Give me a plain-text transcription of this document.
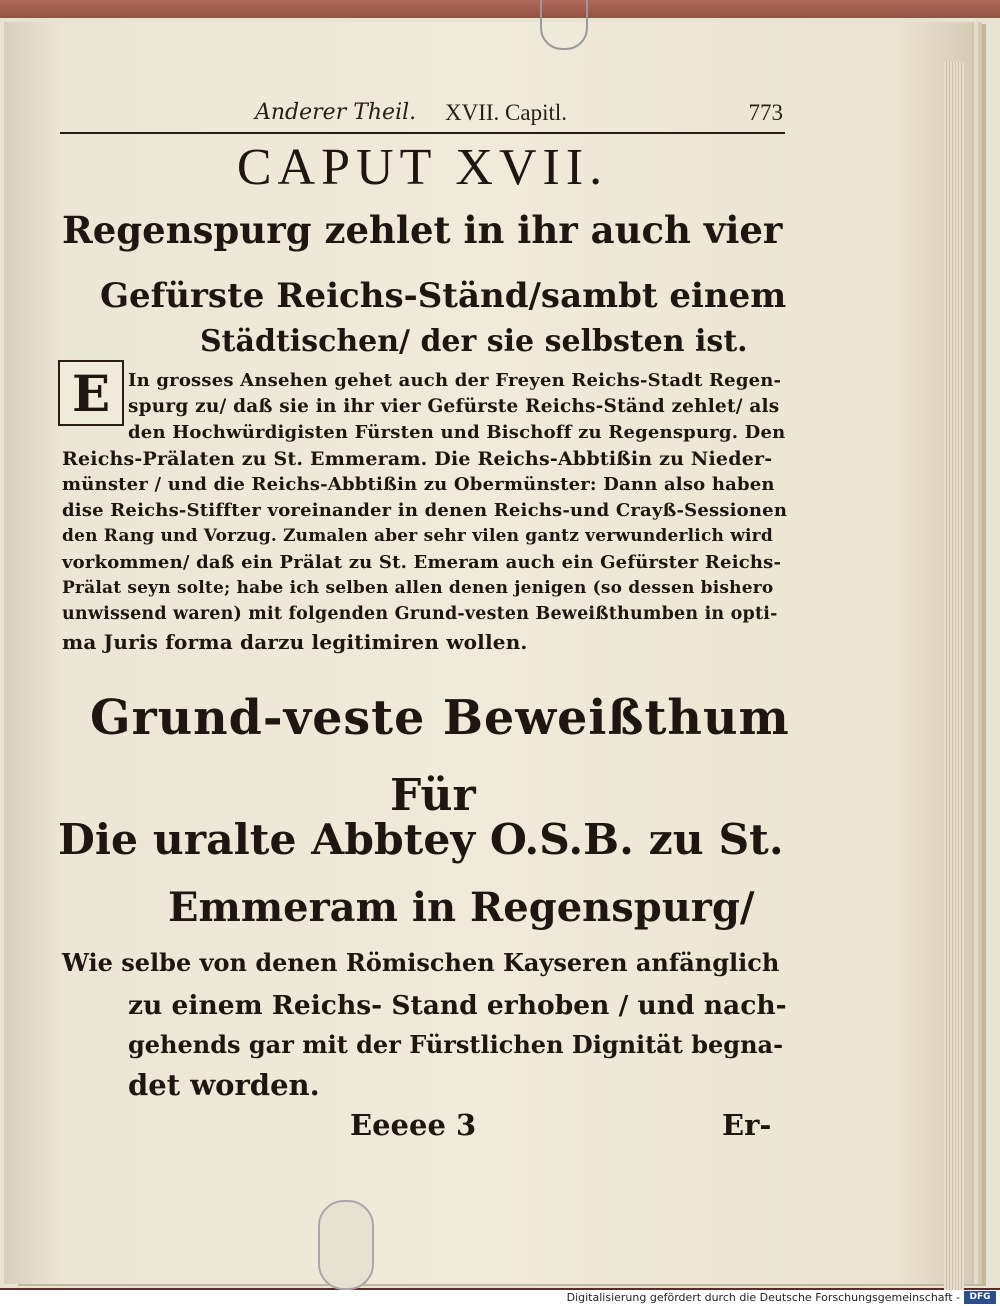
Anderer Theil. XVII. Capitl.	773
CAPUT XVII.
Regenspurg zehlet in ihr auch vier
Gefürste Reichs-Ständ/sambt einem
Städtischen/ der sie selbsten ist.
E In grosses Ansehen gehet auch der Freyen Reichs-Stadt Regen-
spurg zu/ daß sie in ihr vier Gefürste Reichs-Ständ zehlet/ als
den Hochwürdigisten Fürsten und Bischoff zu Regenspurg. Den
Reichs-Prälaten zu St. Emmeram. Die Reichs-Abbtißin zu Nieder-
münster / und die Reichs-Abbtißin zu Obermünster: Dann also haben
dise Reichs-Stiffter voreinander in denen Reichs-und Crayß-Sessionen
den Rang und Vorzug. Zumalen aber sehr vilen gantz verwunderlich wird
vorkommen/ daß ein Prälat zu St. Emeram auch ein Gefürster Reichs-
Prälat seyn solte; habe ich selben allen denen jenigen (so dessen bishero
unwissend waren) mit folgenden Grund-vesten Beweißthumben in opti-
ma Juris forma darzu legitimiren wollen.
Grund-veste Beweißthum
Für
Die uralte Abbtey O.S.B. zu St.
Emmeram in Regenspurg/
Wie selbe von denen Römischen Kayseren anfänglich
zu einem Reichs- Stand erhoben / und nach-
gehends gar mit der Fürstlichen Dignität begna-
det worden.
Eeeee 3	Er-
Digitalisierung gefördert durch die Deutsche Forschungsgemeinschaft -	DFG
